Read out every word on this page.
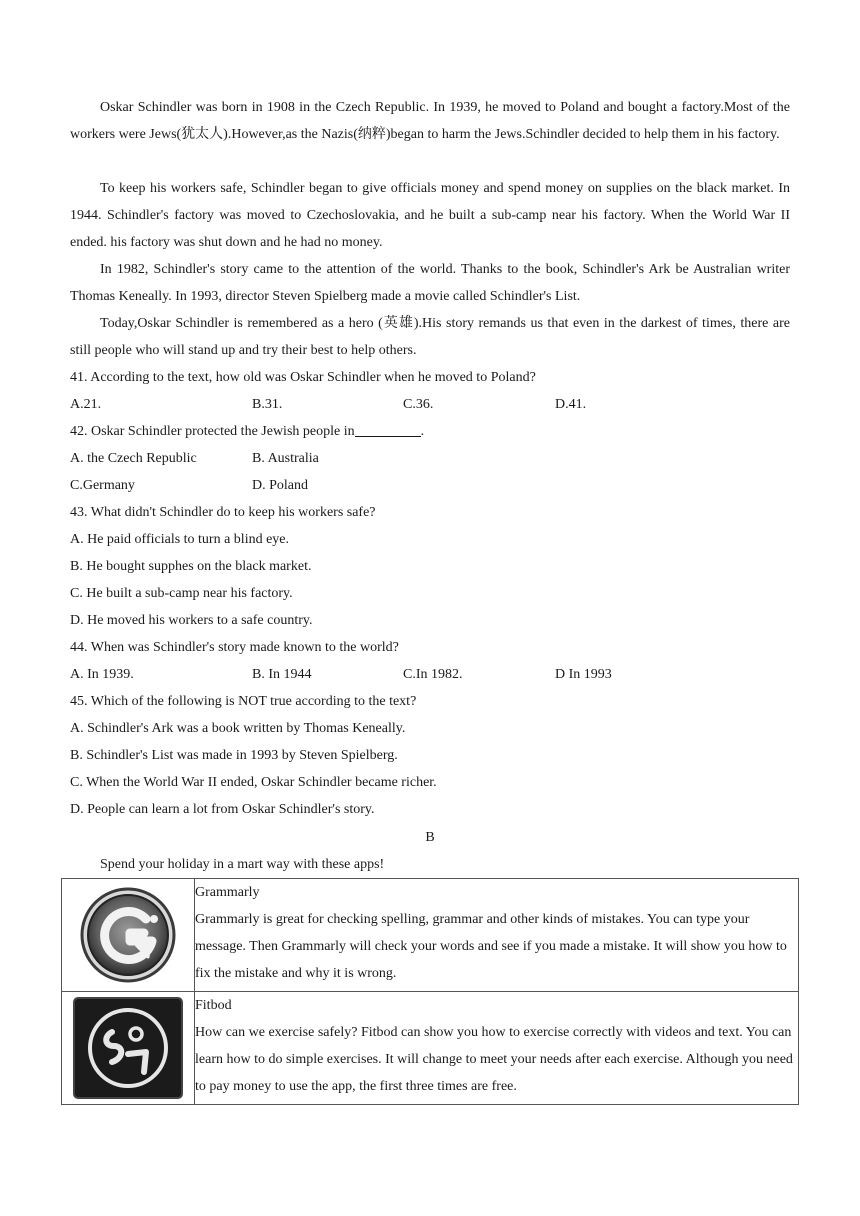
Oskar Schindler was born in 1908 in the Czech Republic. In 1939, he moved to Poland and bought a factory.Most of the workers were Jews(犹太人).However,as the Nazis(纳粹)began to harm the Jews.Schindler decided to help them in his factory.
To keep his workers safe, Schindler began to give officials money and spend money on supplies on the black market. In 1944. Schindler's factory was moved to Czechoslovakia, and he built a sub-camp near his factory. When the World War II ended. his factory was shut down and he had no money.
In 1982, Schindler's story came to the attention of the world. Thanks to the book, Schindler's Ark be Australian writer Thomas Keneally. In 1993, director Steven Spielberg made a movie called Schindler's List.
Today,Oskar Schindler is remembered as a hero (英雄).His story remands us that even in the darkest of times, there are still people who will stand up and try their best to help others.
41. According to the text, how old was Oskar Schindler when he moved to Poland?
A.21.	B.31.	C.36.	D.41.
42. Oskar Schindler protected the Jewish people in	.
A. the Czech Republic	B. Australia
C.Germany	D. Poland
43. What didn't Schindler do to keep his workers safe?
A. He paid officials to turn a blind eye.
B. He bought supphes on the black market.
C. He built a sub-camp near his factory.
D. He moved his workers to a safe country.
44. When was Schindler's story made known to the world?
A. In 1939.	B. In 1944	C.In 1982.	D In 1993
45. Which of the following is NOT true according to the text?
A. Schindler's Ark was a book written by Thomas Keneally.
B. Schindler's List was made in 1993 by Steven Spielberg.
C. When the World War II ended, Oskar Schindler became richer.
D. People can learn a lot from Oskar Schindler's story.
B
Spend your holiday in a mart way with these apps!

Grammarly
Grammarly is great for checking spelling, grammar and other kinds of mistakes. You can type your message. Then Grammarly will check your words and see if you made a mistake. It will show you how to fix the mistake and why it is wrong.

Fitbod
How can we exercise safely? Fitbod can show you how to exercise correctly with videos and text. You can learn how to do simple exercises. It will change to meet your needs after each exercise. Although you need to pay money to use the app, the first three times are free.
